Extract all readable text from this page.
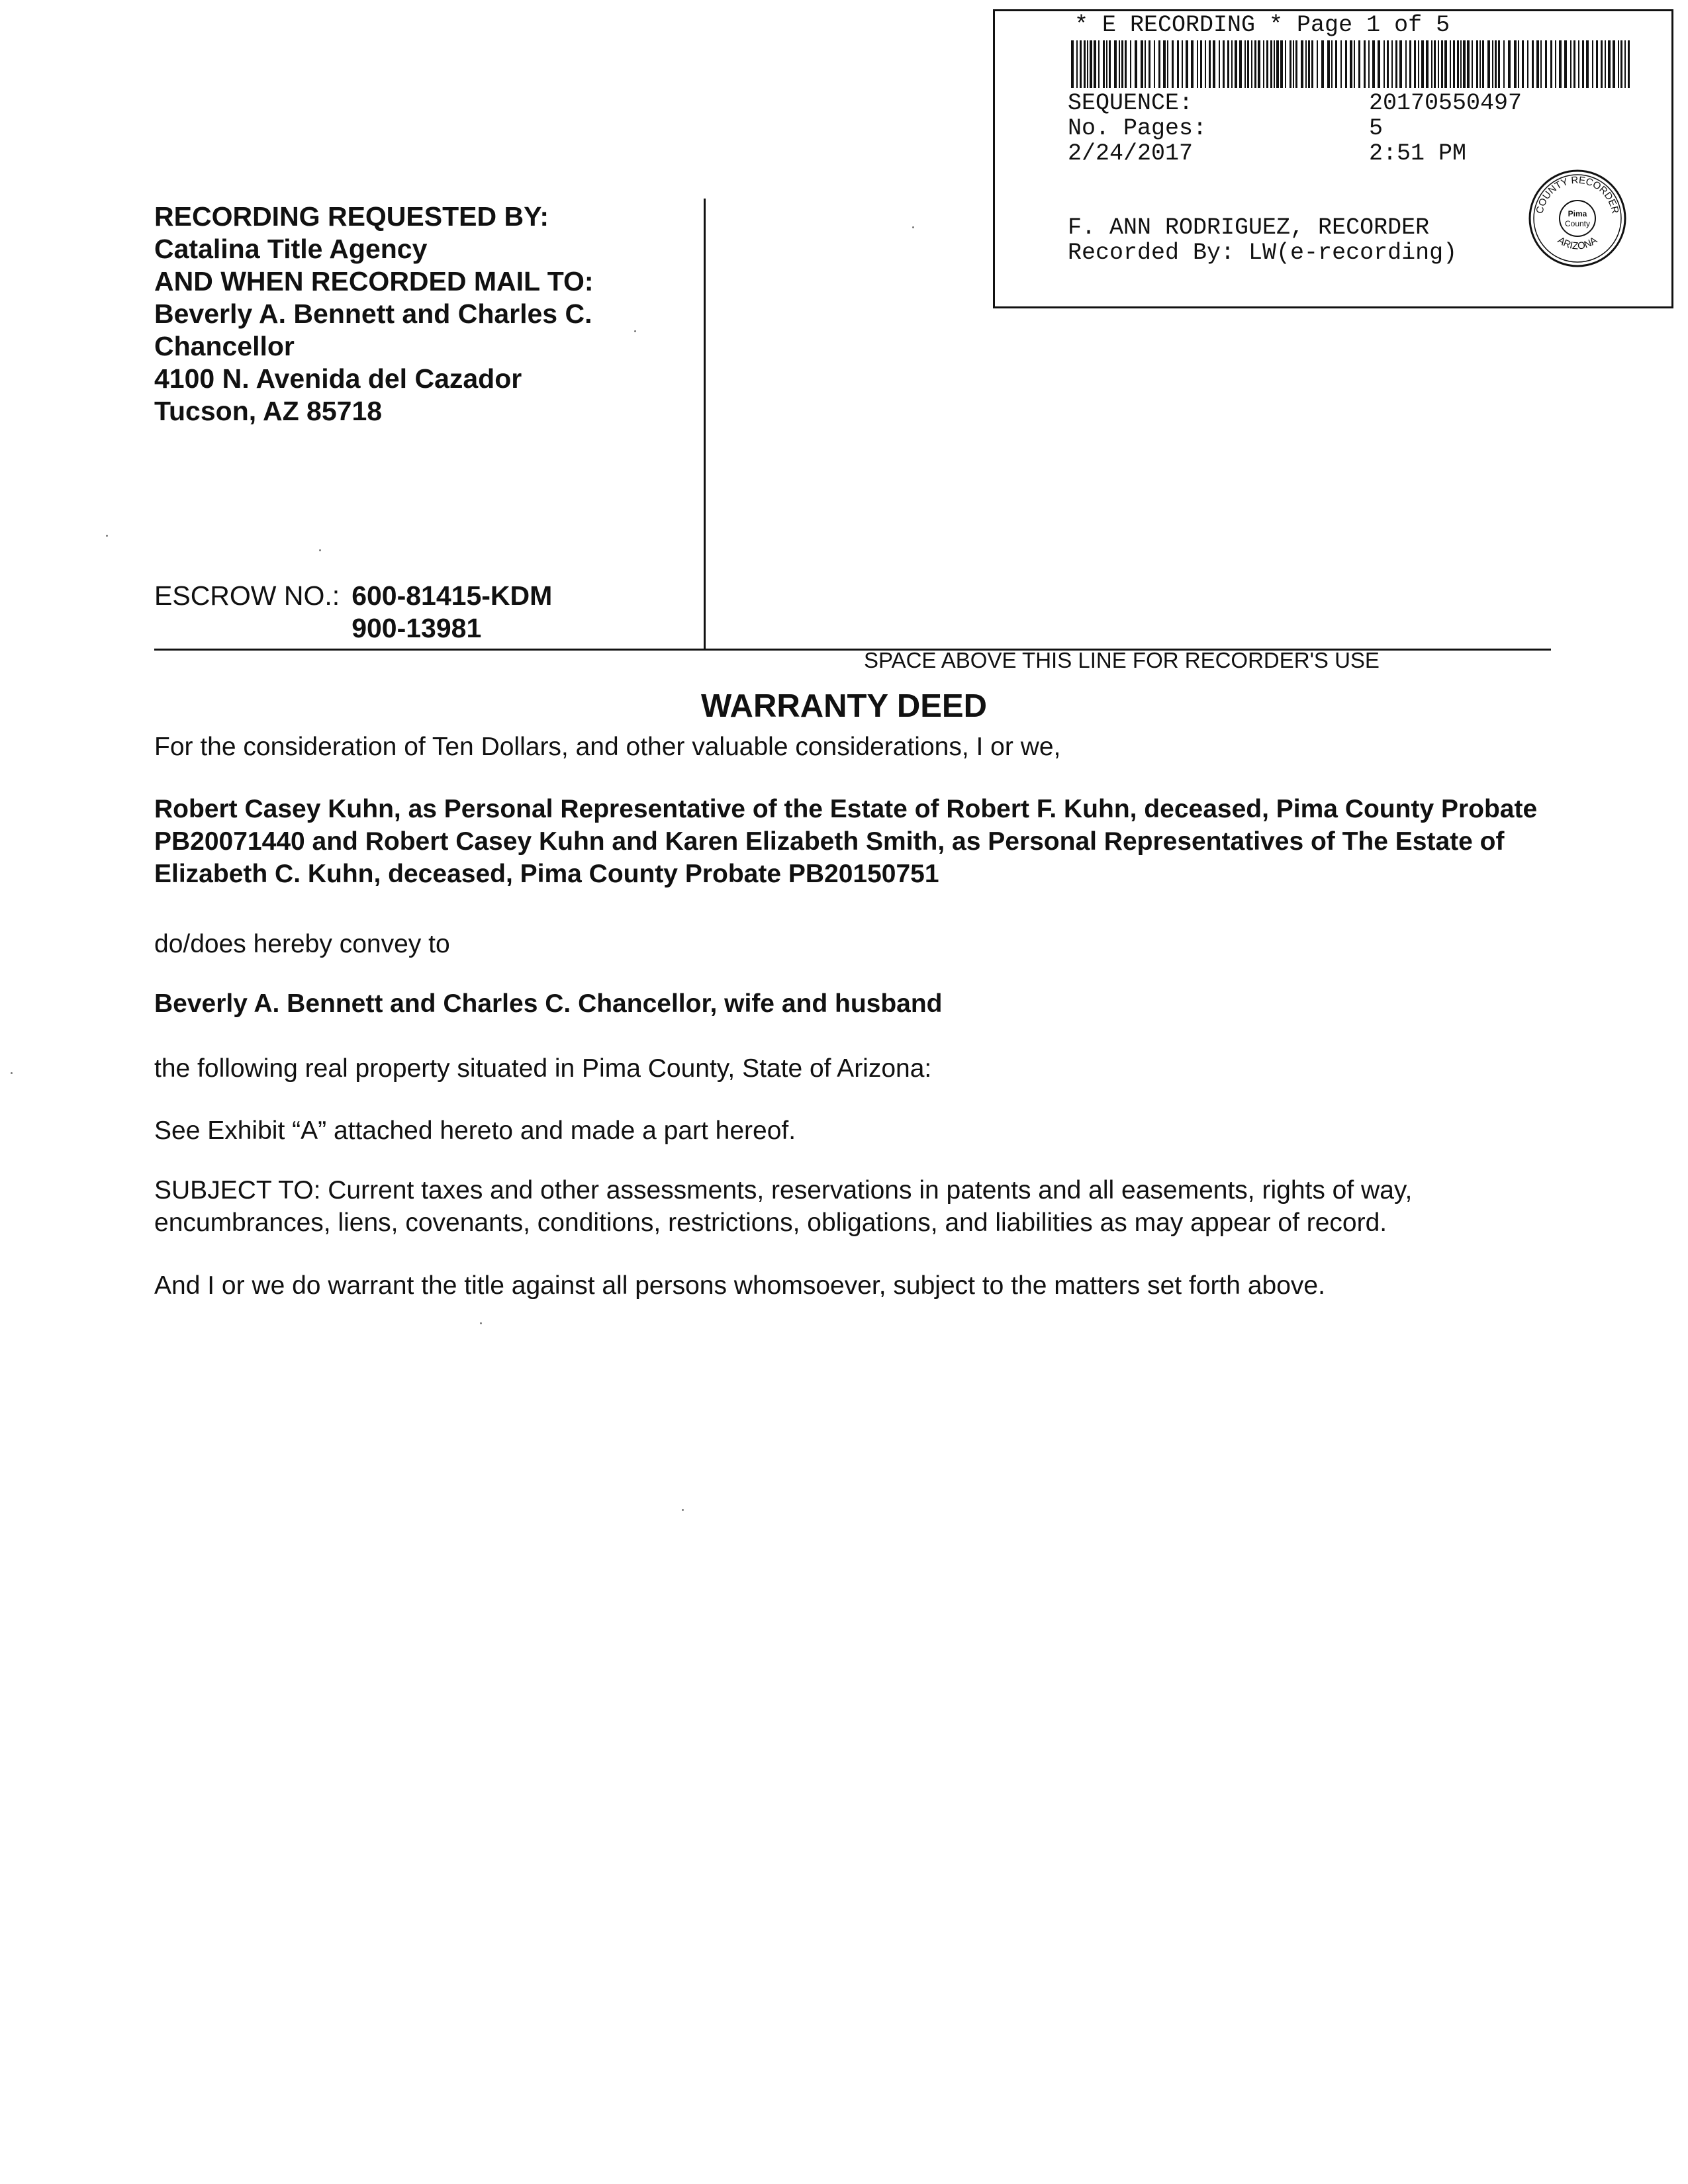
* E RECORDING * Page 1 of 5
SEQUENCE:	20170550497
No. Pages:	5
2/24/2017	2:51 PM
F. ANN RODRIGUEZ, RECORDER
Recorded By: LW(e-recording)
COUNTY RECORDER
ARIZONA
Pima
County
RECORDING REQUESTED BY:
Catalina Title Agency
AND WHEN RECORDED MAIL TO:
Beverly A. Bennett and Charles C.
Chancellor
4100 N. Avenida del Cazador
Tucson, AZ 85718
ESCROW NO.: 600-81415-KDM
900-13981
SPACE ABOVE THIS LINE FOR RECORDER'S USE
WARRANTY DEED
For the consideration of Ten Dollars, and other valuable considerations, I or we,
Robert Casey Kuhn, as Personal Representative of the Estate of Robert F. Kuhn, deceased, Pima County Probate PB20071440 and Robert Casey Kuhn and Karen Elizabeth Smith, as Personal Representatives of The Estate of Elizabeth C. Kuhn, deceased, Pima County Probate PB20150751
do/does hereby convey to
Beverly A. Bennett and Charles C. Chancellor, wife and husband
the following real property situated in Pima County, State of Arizona:
See Exhibit “A” attached hereto and made a part hereof.
SUBJECT TO: Current taxes and other assessments, reservations in patents and all easements, rights of way, encumbrances, liens, covenants, conditions, restrictions, obligations, and liabilities as may appear of record.
And I or we do warrant the title against all persons whomsoever, subject to the matters set forth above.
